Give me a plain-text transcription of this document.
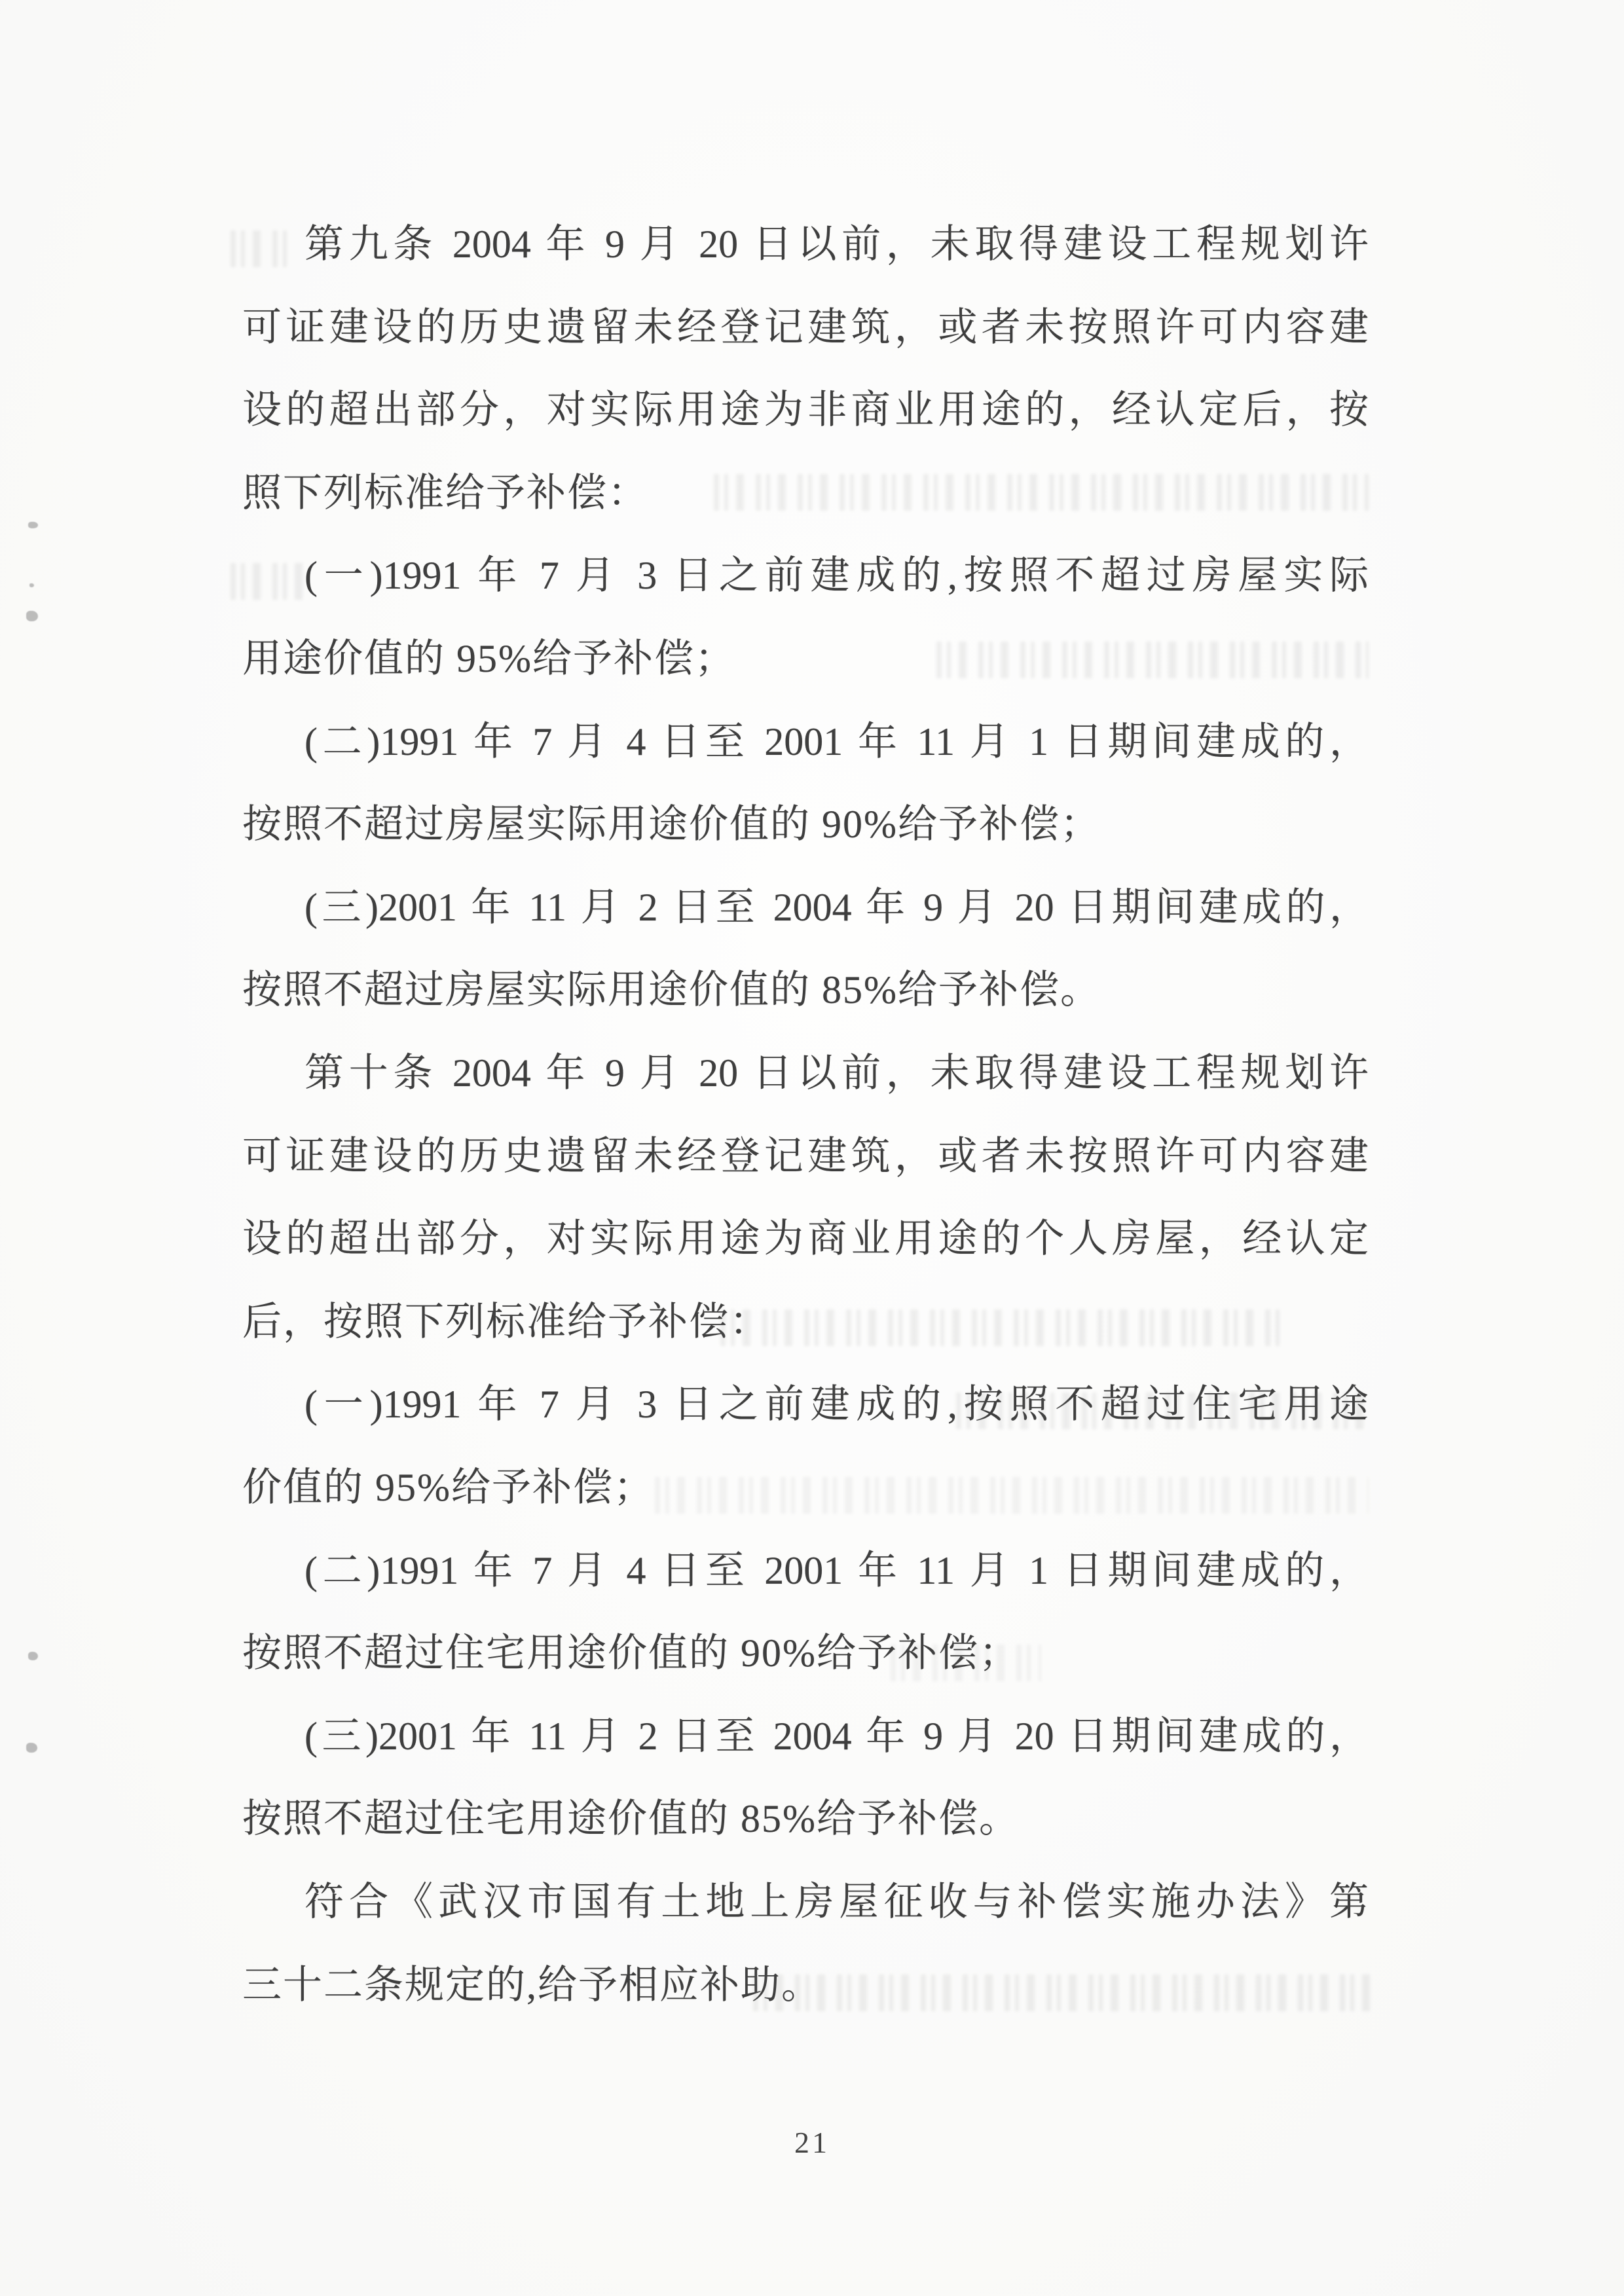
第九条 2004 年 9 月 20 日以前，未取得建设工程规划许
可证建设的历史遗留未经登记建筑，或者未按照许可内容建
设的超出部分，对实际用途为非商业用途的，经认定后，按
照下列标准给予补偿：
(一)1991 年 7 月 3 日之前建成的,按照不超过房屋实际
用途价值的 95%给予补偿；
(二)1991 年 7 月 4 日至 2001 年 11 月 1 日期间建成的，
按照不超过房屋实际用途价值的 90%给予补偿；
(三)2001 年 11 月 2 日至 2004 年 9 月 20 日期间建成的，
按照不超过房屋实际用途价值的 85%给予补偿。
第十条 2004 年 9 月 20 日以前，未取得建设工程规划许
可证建设的历史遗留未经登记建筑，或者未按照许可内容建
设的超出部分，对实际用途为商业用途的个人房屋，经认定
后，按照下列标准给予补偿：
(一)1991 年 7 月 3 日之前建成的,按照不超过住宅用途
价值的 95%给予补偿；
(二)1991 年 7 月 4 日至 2001 年 11 月 1 日期间建成的，
按照不超过住宅用途价值的 90%给予补偿；
(三)2001 年 11 月 2 日至 2004 年 9 月 20 日期间建成的，
按照不超过住宅用途价值的 85%给予补偿。
符合《武汉市国有土地上房屋征收与补偿实施办法》第
三十二条规定的,给予相应补助。
21
